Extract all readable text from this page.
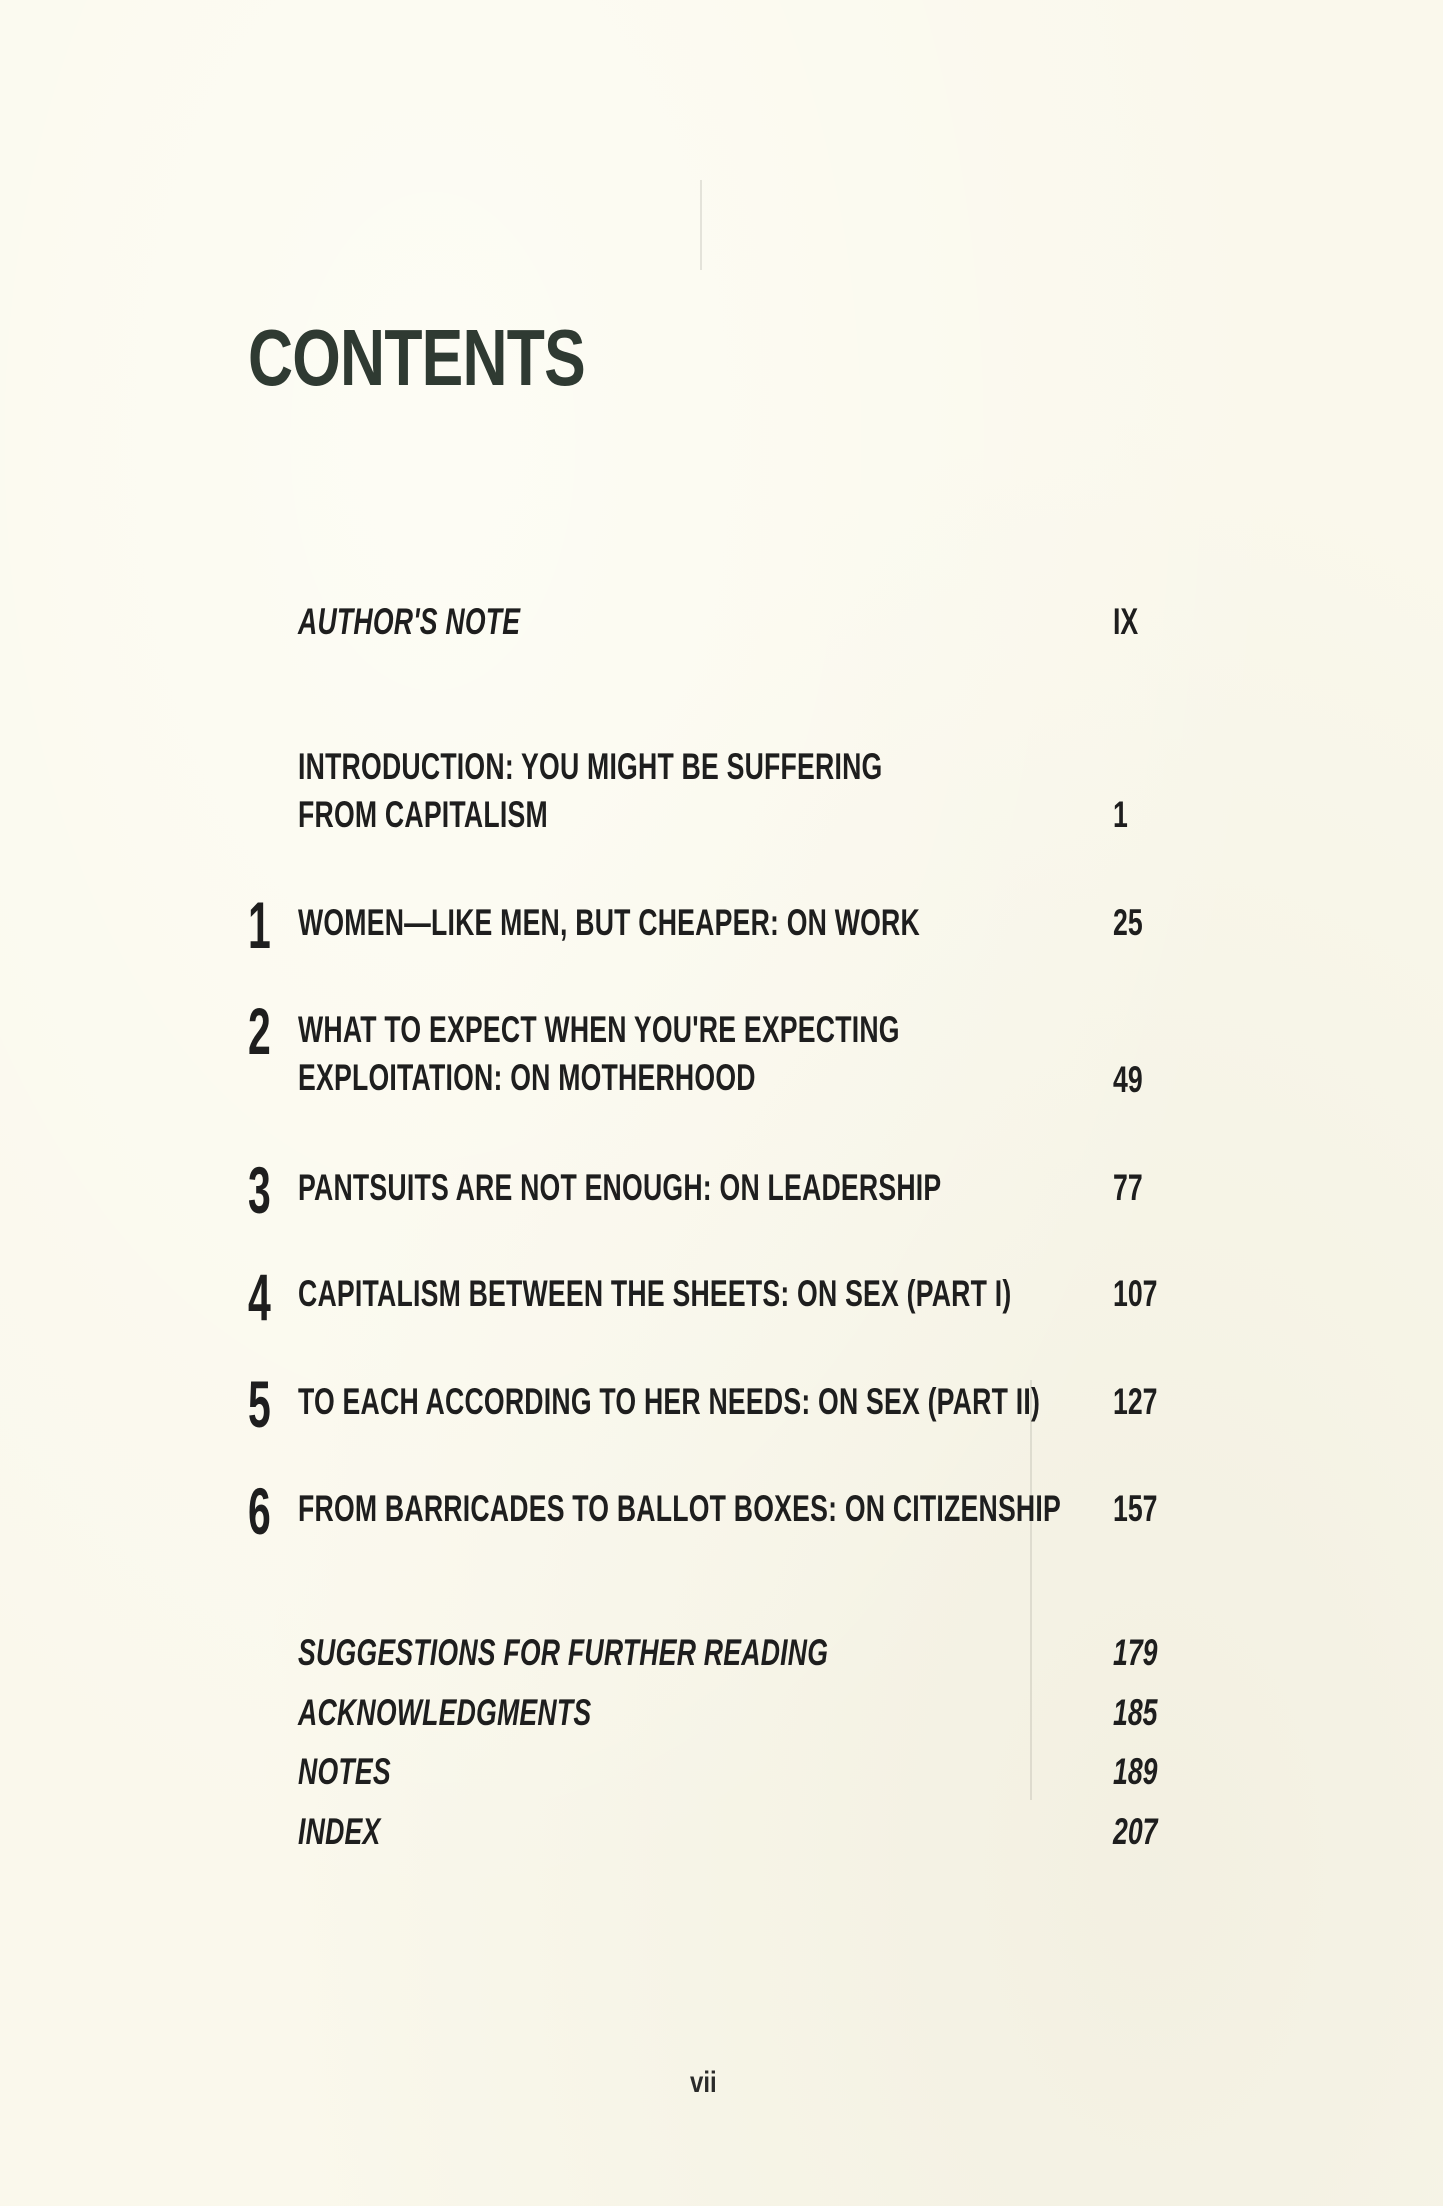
CONTENTS
AUTHOR'S NOTE	IX
INTRODUCTION: YOU MIGHT BE SUFFERING
FROM CAPITALISM	1
1 WOMEN—LIKE MEN, BUT CHEAPER: ON WORK	25
2 WHAT TO EXPECT WHEN YOU'RE EXPECTING
EXPLOITATION: ON MOTHERHOOD	49
3 PANTSUITS ARE NOT ENOUGH: ON LEADERSHIP	77
4 CAPITALISM BETWEEN THE SHEETS: ON SEX (PART I)	107
5 TO EACH ACCORDING TO HER NEEDS: ON SEX (PART II) 127
6 FROM BARRICADES TO BALLOT BOXES: ON CITIZENSHIP 157
SUGGESTIONS FOR FURTHER READING	179
ACKNOWLEDGMENTS	185
NOTES	189
INDEX	207
vii
